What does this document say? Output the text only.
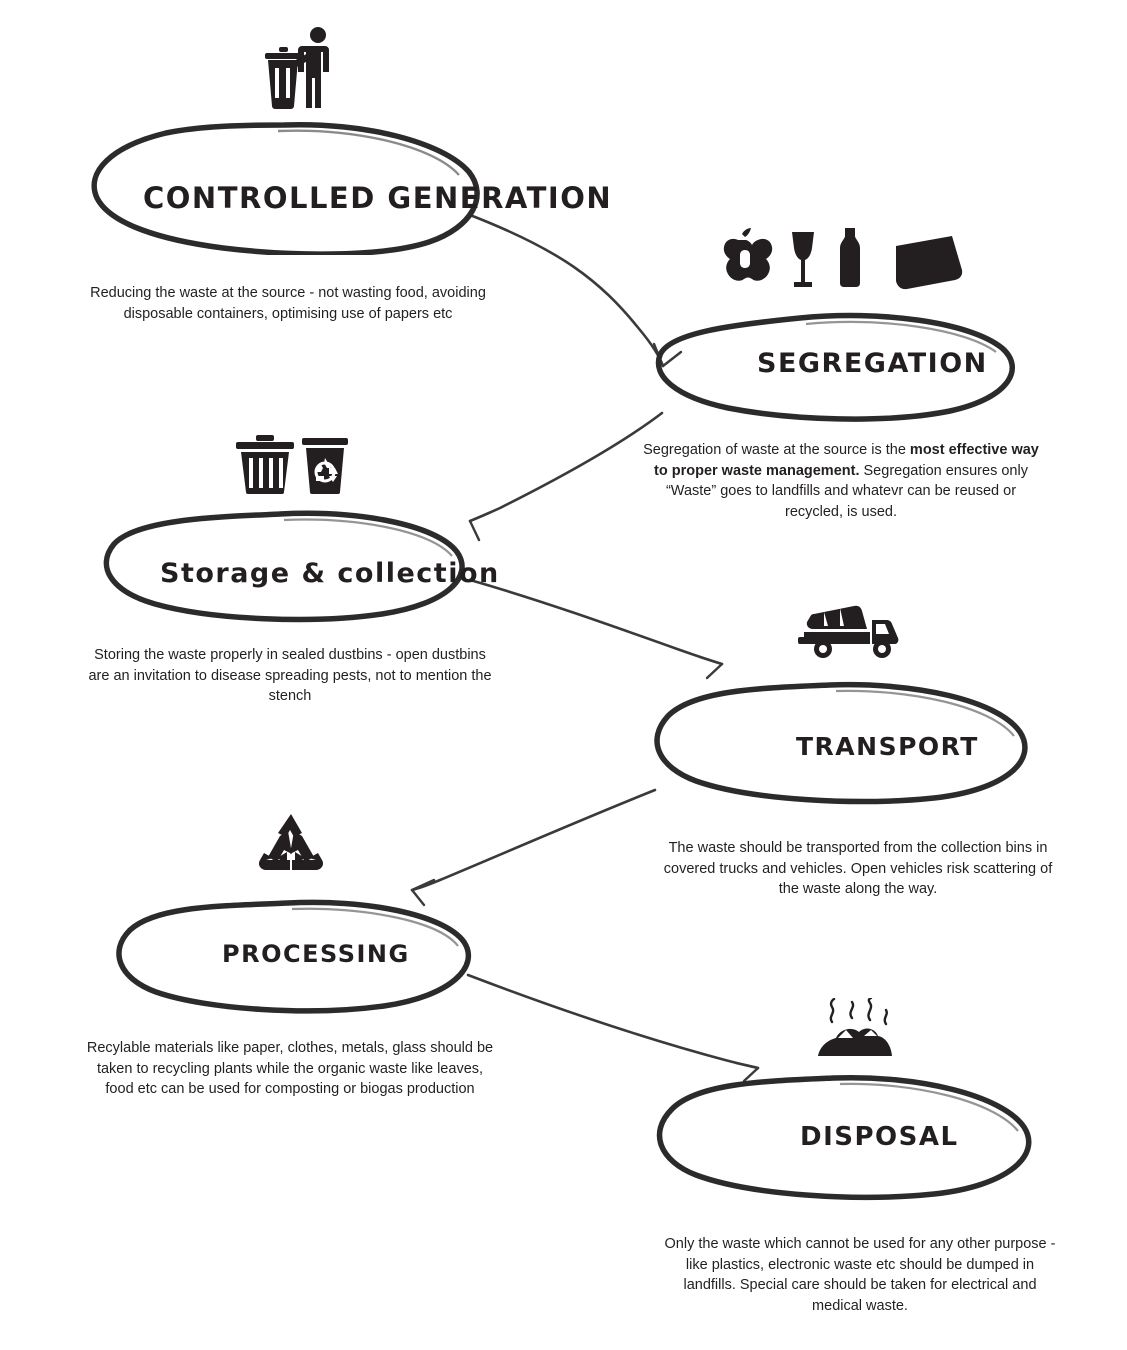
CONTROLLED GENERATION
Reducing the waste at the source - not wasting food, avoiding disposable containers, optimising use of papers etc
SEGREGATION
Segregation of waste at the source is the most effective way to proper waste management. Segregation ensures only “Waste” goes to landfills and whatevr can be reused or recycled, is used.
Storage & collection
Storing the waste properly in sealed dustbins - open dustbins are an invitation to disease spreading pests, not to mention the stench
TRANSPORT
The waste should be transported from the collection bins in covered trucks and vehicles. Open vehicles risk scattering of the waste along the way.
PROCESSING
Recylable materials like paper, clothes, metals, glass should be taken to recycling plants while the organic waste like leaves, food etc can be used for composting or biogas production
DISPOSAL
Only the waste which cannot be used for any other purpose - like plastics, electronic waste etc should be dumped in landfills. Special care should be taken for electrical and medical waste.
